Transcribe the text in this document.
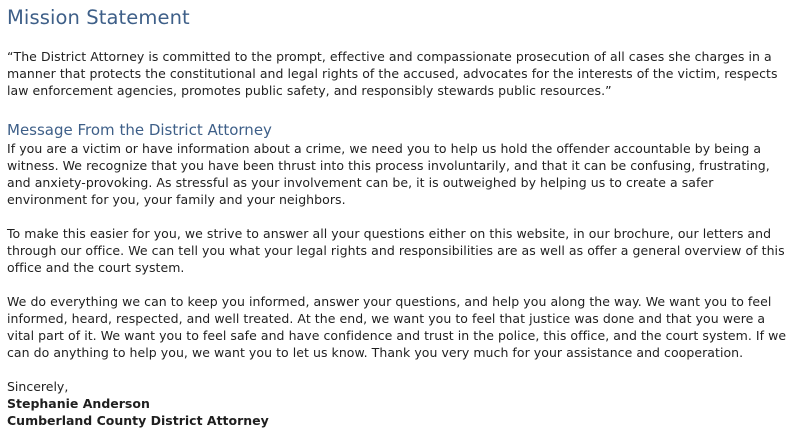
Mission Statement

“The District Attorney is committed to the prompt, effective and compassionate prosecution of all cases she charges in a manner that protects the constitutional and legal rights of the accused, advocates for the interests of the victim, respects law enforcement agencies, promotes public safety, and responsibly stewards public resources.”

Message From the District Attorney

If you are a victim or have information about a crime, we need you to help us hold the offender accountable by being a witness. We recognize that you have been thrust into this process involuntarily, and that it can be confusing, frustrating, and anxiety-provoking. As stressful as your involvement can be, it is outweighed by helping us to create a safer environment for you, your family and your neighbors.

To make this easier for you, we strive to answer all your questions either on this website, in our brochure, our letters and through our office. We can tell you what your legal rights and responsibilities are as well as offer a general overview of this office and the court system.

We do everything we can to keep you informed, answer your questions, and help you along the way. We want you to feel informed, heard, respected, and well treated. At the end, we want you to feel that justice was done and that you were a vital part of it. We want you to feel safe and have confidence and trust in the police, this office, and the court system. If we can do anything to help you, we want you to let us know. Thank you very much for your assistance and cooperation.

Sincerely,
Stephanie Anderson
Cumberland County District Attorney
